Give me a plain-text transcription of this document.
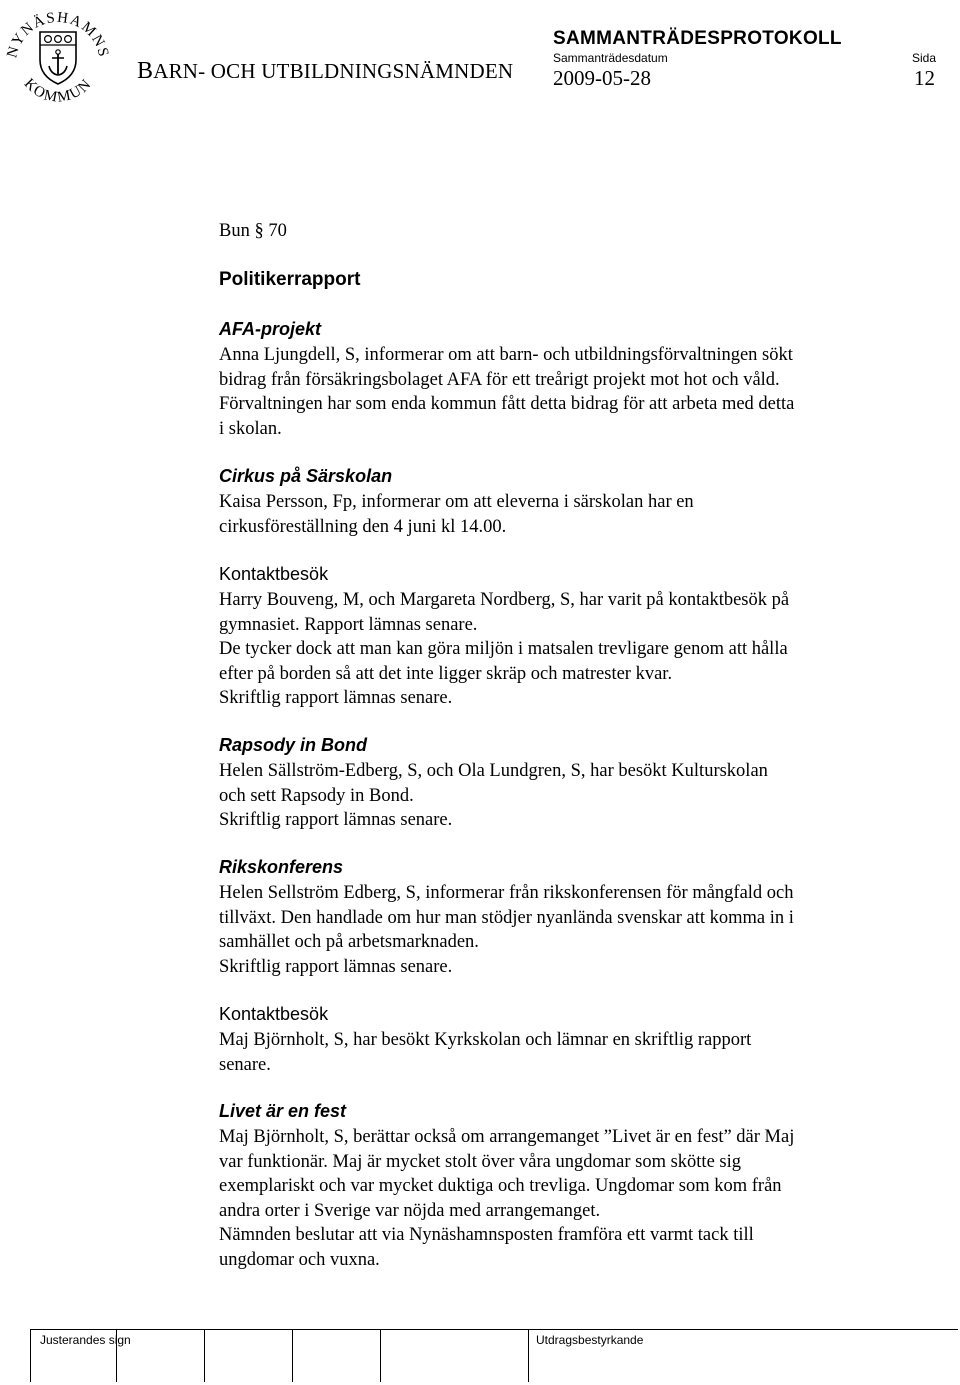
NYNÄSHAMNS
KOMMUN
BARN- OCH UTBILDNINGSNÄMNDEN
SAMMANTRÄDESPROTOKOLL
Sammanträdesdatum
2009-05-28
Sida
12
Bun § 70
Politikerrapport
AFA-projekt
Anna Ljungdell, S, informerar om att barn- och utbildningsförvaltningen sökt
bidrag från försäkringsbolaget AFA för ett treårigt projekt mot hot och våld.
Förvaltningen har som enda kommun fått detta bidrag för att arbeta med detta
i skolan.
Cirkus på Särskolan
Kaisa Persson, Fp, informerar om att eleverna i särskolan har en
cirkusföreställning den 4 juni kl 14.00.
Kontaktbesök
Harry Bouveng, M, och Margareta Nordberg, S, har varit på kontaktbesök på
gymnasiet. Rapport lämnas senare.
De tycker dock att man kan göra miljön i matsalen trevligare genom att hålla
efter på borden så att det inte ligger skräp och matrester kvar.
Skriftlig rapport lämnas senare.
Rapsody in Bond
Helen Sällström-Edberg, S, och Ola Lundgren, S, har besökt Kulturskolan
och sett Rapsody in Bond.
Skriftlig rapport lämnas senare.
Rikskonferens
Helen Sellström Edberg, S, informerar från rikskonferensen för mångfald och
tillväxt. Den handlade om hur man stödjer nyanlända svenskar att komma in i
samhället och på arbetsmarknaden.
Skriftlig rapport lämnas senare.
Kontaktbesök
Maj Björnholt, S, har besökt Kyrkskolan och lämnar en skriftlig rapport
senare.
Livet är en fest
Maj Björnholt, S, berättar också om arrangemanget ”Livet är en fest” där Maj
var funktionär. Maj är mycket stolt över våra ungdomar som skötte sig
exemplariskt och var mycket duktiga och trevliga. Ungdomar som kom från
andra orter i Sverige var nöjda med arrangemanget.
Nämnden beslutar att via Nynäshamnsposten framföra ett varmt tack till
ungdomar och vuxna.
Justerandes sign	Utdragsbestyrkande
